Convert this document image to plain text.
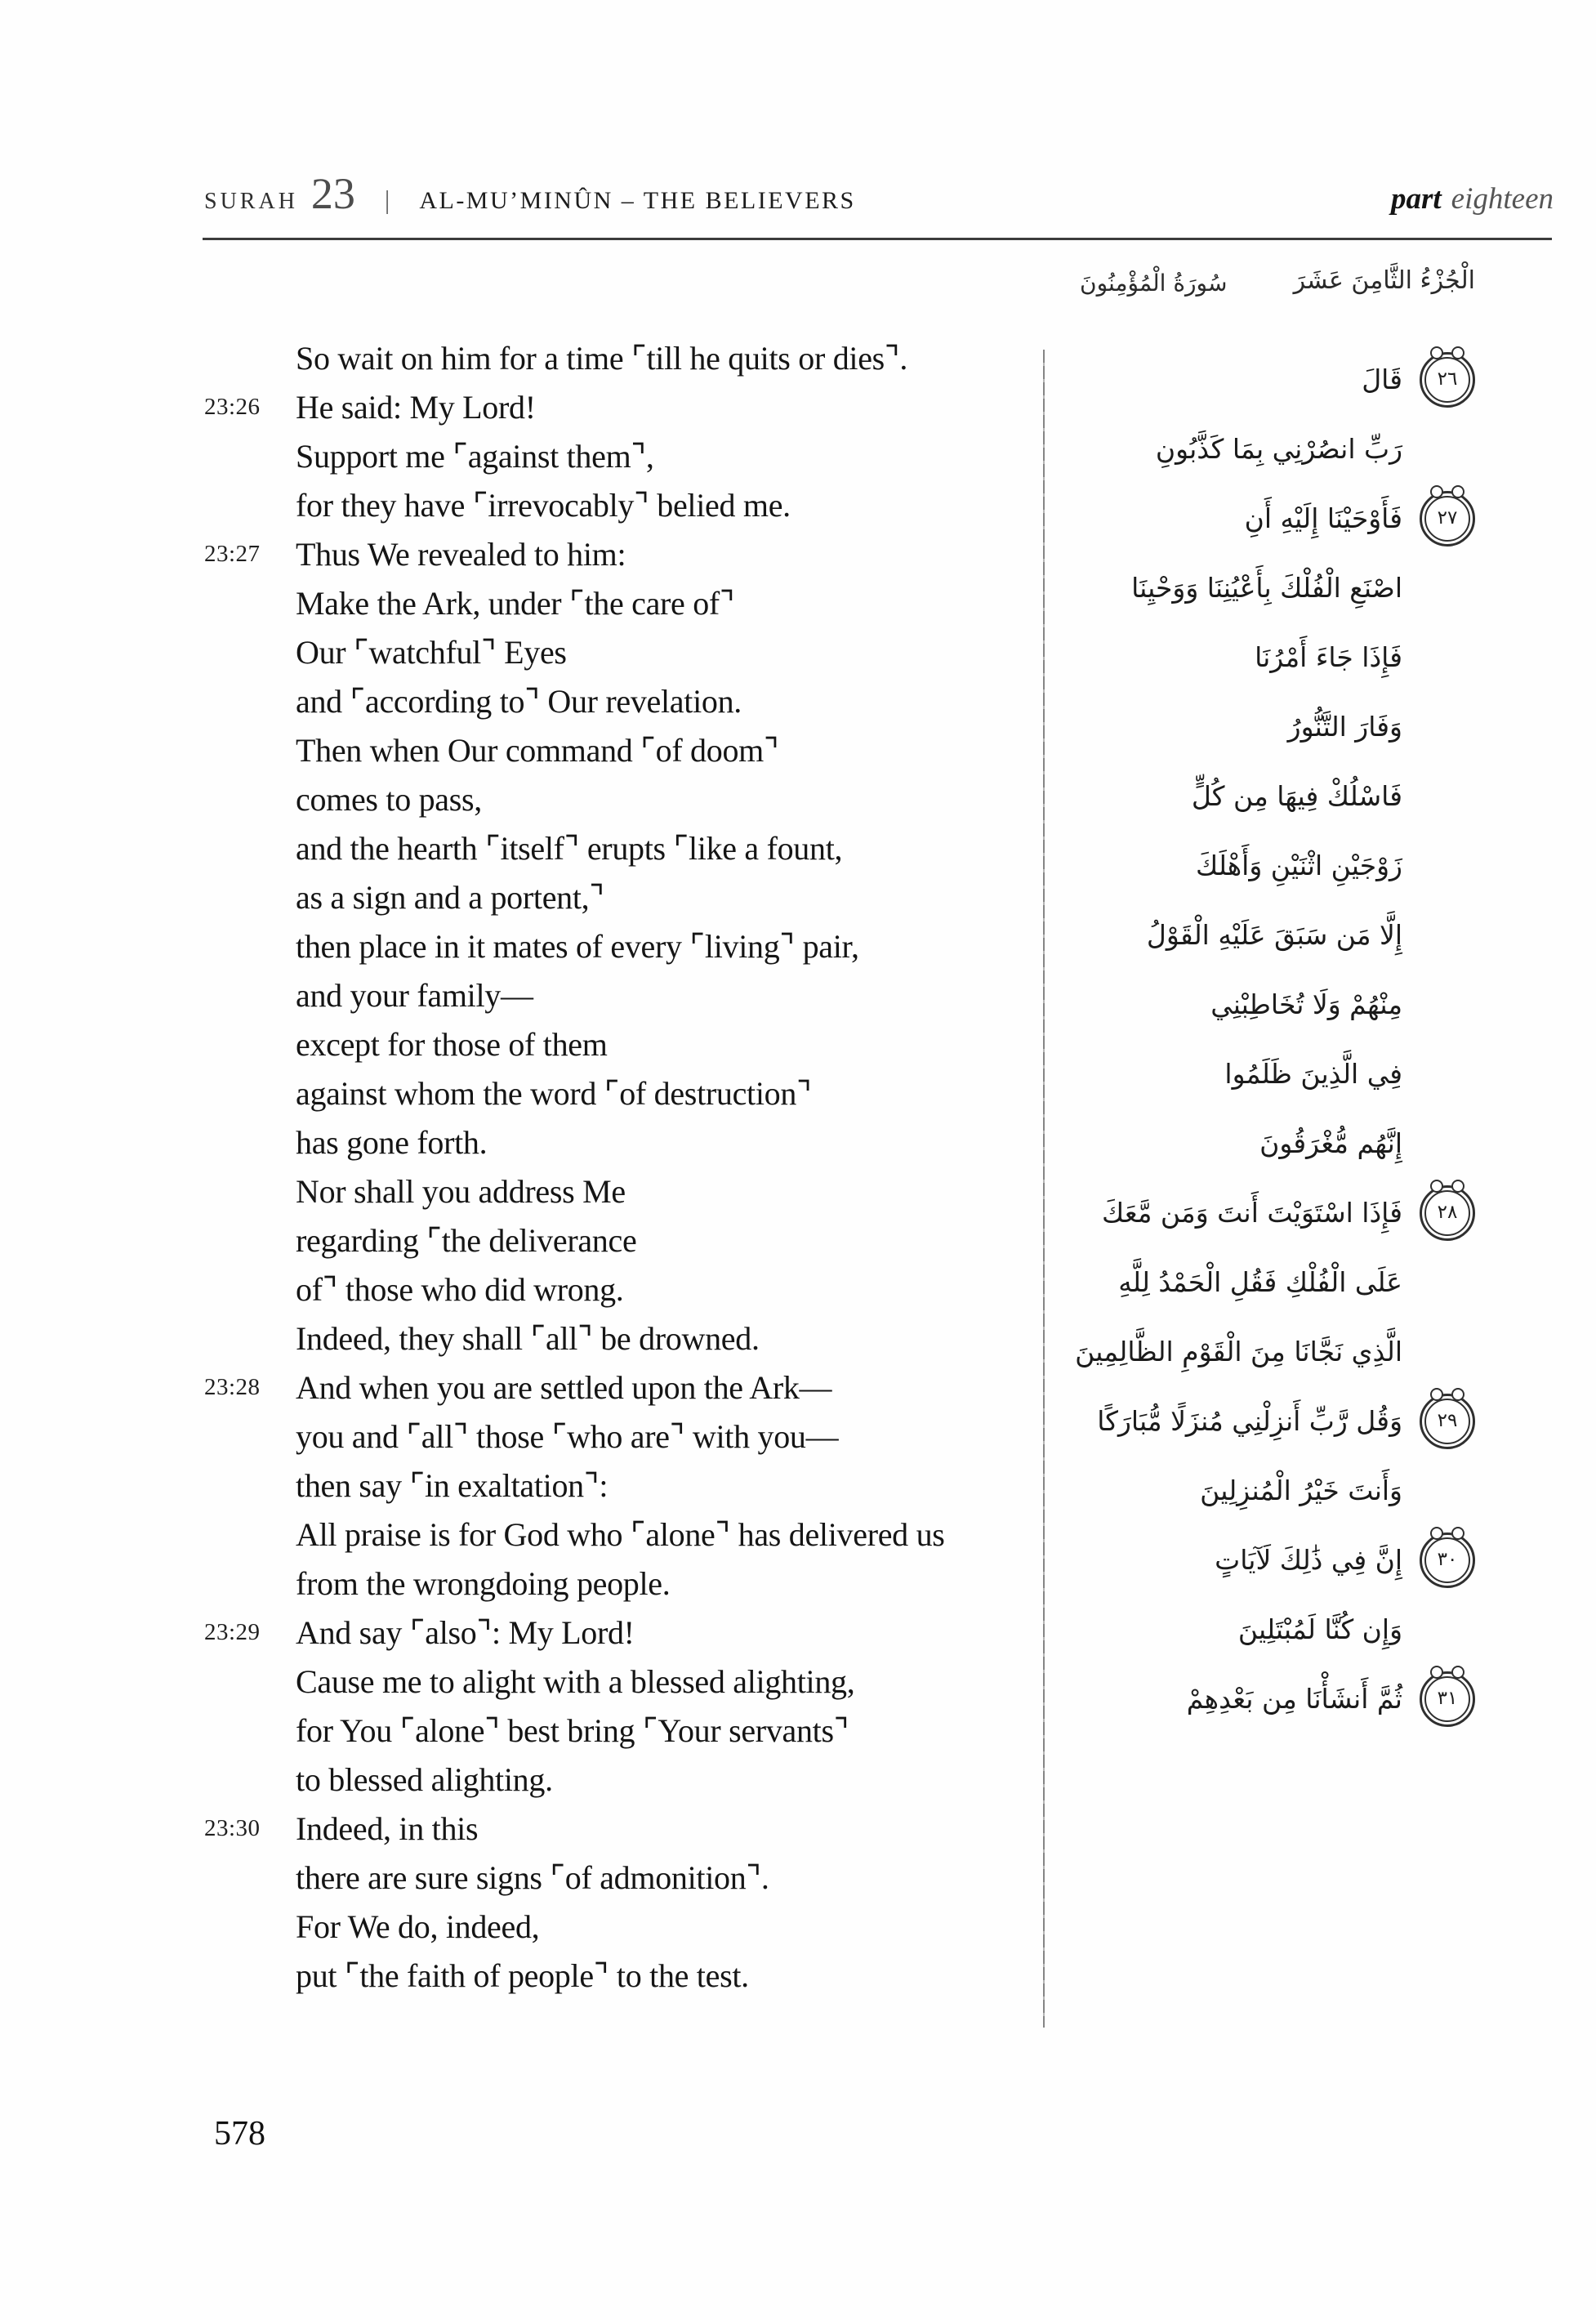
SURAH 23 | AL-MU’MINÛN – THE BELIEVERS	part eighteen
سُورَةُ الْمُؤْمِنُونَ	الْجُزْءُ الثَّامِنَ عَشَرَ
So wait on him for a time ⌜till he quits or dies⌝.
23:26	He said: My Lord!
Support me ⌜against them⌝,
for they have ⌜irrevocably⌝ belied me.
23:27	Thus We revealed to him:
Make the Ark, under ⌜the care of⌝
Our ⌜watchful⌝ Eyes
and ⌜according to⌝ Our revelation.
Then when Our command ⌜of doom⌝
comes to pass,
and the hearth ⌜itself⌝ erupts ⌜like a fount,
as a sign and a portent,⌝
then place in it mates of every ⌜living⌝ pair,
and your family—
except for those of them
against whom the word ⌜of destruction⌝
has gone forth.
Nor shall you address Me
regarding ⌜the deliverance
of⌝ those who did wrong.
Indeed, they shall ⌜all⌝ be drowned.
23:28	And when you are settled upon the Ark—
you and ⌜all⌝ those ⌜who are⌝ with you—
then say ⌜in exaltation⌝:
All praise is for God who ⌜alone⌝ has delivered us
from the wrongdoing people.
23:29	And say ⌜also⌝: My Lord!
Cause me to alight with a blessed alighting,
for You ⌜alone⌝ best bring ⌜Your servants⌝
to blessed alighting.
23:30	Indeed, in this
there are sure signs ⌜of admonition⌝.
For We do, indeed,
put ⌜the faith of people⌝ to the test.
٢٦
قَالَ
رَبِّ انصُرْنِي بِمَا كَذَّبُونِ
٢٧
فَأَوْحَيْنَا إِلَيْهِ أَنِ
اصْنَعِ الْفُلْكَ بِأَعْيُنِنَا وَوَحْيِنَا
فَإِذَا جَاءَ أَمْرُنَا
وَفَارَ التَّنُّورُ
فَاسْلُكْ فِيهَا مِن كُلٍّ
زَوْجَيْنِ اثْنَيْنِ وَأَهْلَكَ
إِلَّا مَن سَبَقَ عَلَيْهِ الْقَوْلُ
مِنْهُمْ وَلَا تُخَاطِبْنِي
فِي الَّذِينَ ظَلَمُوا
إِنَّهُم مُّغْرَقُونَ
٢٨
فَإِذَا اسْتَوَيْتَ أَنتَ وَمَن مَّعَكَ
عَلَى الْفُلْكِ فَقُلِ الْحَمْدُ لِلَّهِ
الَّذِي نَجَّانَا مِنَ الْقَوْمِ الظَّالِمِينَ
٢٩
وَقُل رَّبِّ أَنزِلْنِي مُنزَلًا مُّبَارَكًا
وَأَنتَ خَيْرُ الْمُنزِلِينَ
٣٠
إِنَّ فِي ذَٰلِكَ لَآيَاتٍ
وَإِن كُنَّا لَمُبْتَلِينَ
٣١
ثُمَّ أَنشَأْنَا مِن بَعْدِهِمْ
578
